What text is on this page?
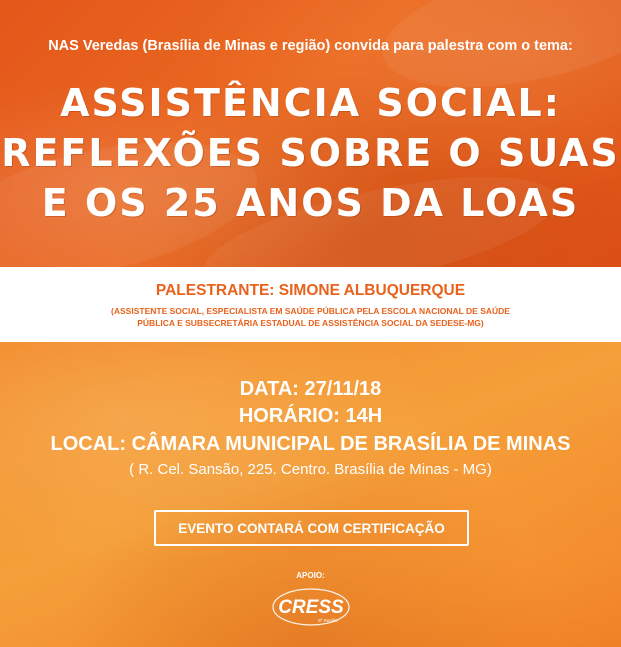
NAS Veredas (Brasília de Minas e região) convida para palestra com o tema:
ASSISTÊNCIA SOCIAL:
REFLEXÕES SOBRE O SUAS
E OS 25 ANOS DA LOAS
PALESTRANTE: SIMONE ALBUQUERQUE
(ASSISTENTE SOCIAL, ESPECIALISTA EM SAÚDE PÚBLICA PELA ESCOLA NACIONAL DE SAÚDE
PÚBLICA E SUBSECRETÁRIA ESTADUAL DE ASSISTÊNCIA SOCIAL DA SEDESE-MG)
DATA: 27/11/18
HORÁRIO: 14H
LOCAL: CÂMARA MUNICIPAL DE BRASÍLIA DE MINAS
( R. Cel. Sansão, 225. Centro. Brasília de Minas - MG)
EVENTO CONTARÁ COM CERTIFICAÇÃO
APOIO:
CRESS
6ª Região
